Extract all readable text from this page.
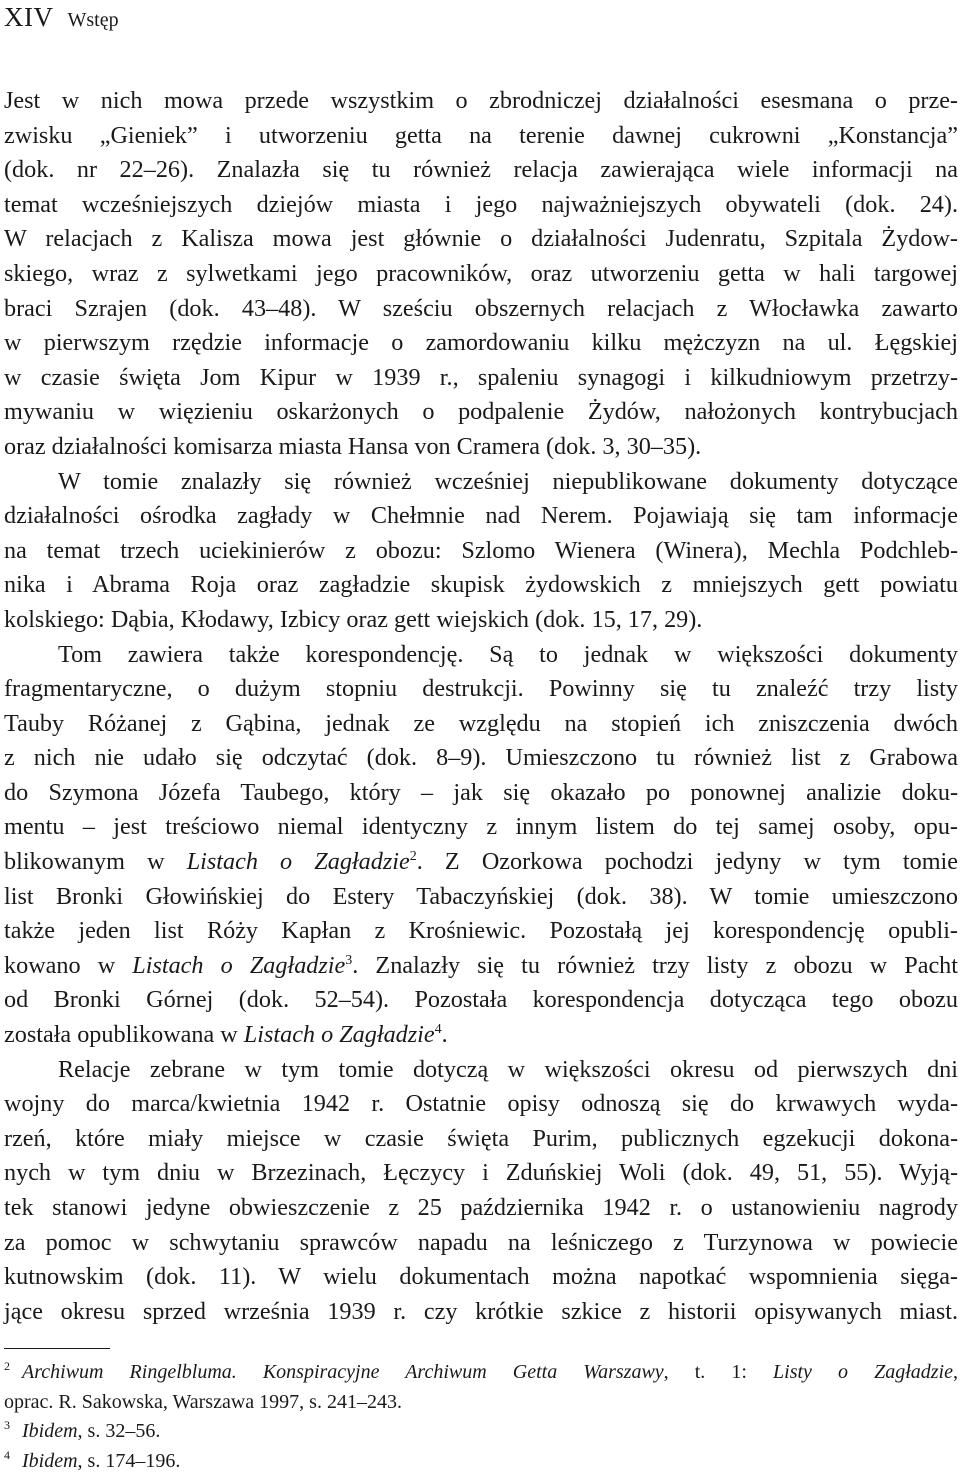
XIV Wstęp
Jest w nich mowa przede wszystkim o zbrodniczej działalności esesmana o prze-
zwisku „Gieniek” i utworzeniu getta na terenie dawnej cukrowni „Konstancja”
(dok. nr 22–26). Znalazła się tu również relacja zawierająca wiele informacji na
temat wcześniejszych dziejów miasta i jego najważniejszych obywateli (dok. 24).
W relacjach z Kalisza mowa jest głównie o działalności Judenratu, Szpitala Żydow-
skiego, wraz z sylwetkami jego pracowników, oraz utworzeniu getta w hali targowej
braci Szrajen (dok. 43–48). W sześciu obszernych relacjach z Włocławka zawarto
w pierwszym rzędzie informacje o zamordowaniu kilku mężczyzn na ul. Łęgskiej
w czasie święta Jom Kipur w 1939 r., spaleniu synagogi i kilkudniowym przetrzy-
mywaniu w więzieniu oskarżonych o podpalenie Żydów, nałożonych kontrybucjach
oraz działalności komisarza miasta Hansa von Cramera (dok. 3, 30–35).
W tomie znalazły się również wcześniej niepublikowane dokumenty dotyczące
działalności ośrodka zagłady w Chełmnie nad Nerem. Pojawiają się tam informacje
na temat trzech uciekinierów z obozu: Szlomo Wienera (Winera), Mechla Podchleb-
nika i Abrama Roja oraz zagładzie skupisk żydowskich z mniejszych gett powiatu
kolskiego: Dąbia, Kłodawy, Izbicy oraz gett wiejskich (dok. 15, 17, 29).
Tom zawiera także korespondencję. Są to jednak w większości dokumenty
fragmentaryczne, o dużym stopniu destrukcji. Powinny się tu znaleźć trzy listy
Tauby Różanej z Gąbina, jednak ze względu na stopień ich zniszczenia dwóch
z nich nie udało się odczytać (dok. 8–9). Umieszczono tu również list z Grabowa
do Szymona Józefa Taubego, który – jak się okazało po ponownej analizie doku-
mentu – jest treściowo niemal identyczny z innym listem do tej samej osoby, opu-
blikowanym w Listach o Zagładzie$^2$. Z Ozorkowa pochodzi jedyny w tym tomie
list Bronki Głowińskiej do Estery Tabaczyńskiej (dok. 38). W tomie umieszczono
także jeden list Róży Kapłan z Krośniewic. Pozostałą jej korespondencję opubli-
kowano w Listach o Zagładzie$^3$. Znalazły się tu również trzy listy z obozu w Pacht
od Bronki Górnej (dok. 52–54). Pozostała korespondencja dotycząca tego obozu
została opublikowana w Listach o Zagładzie$^4$.
Relacje zebrane w tym tomie dotyczą w większości okresu od pierwszych dni
wojny do marca/kwietnia 1942 r. Ostatnie opisy odnoszą się do krwawych wyda-
rzeń, które miały miejsce w czasie święta Purim, publicznych egzekucji dokona-
nych w tym dniu w Brzezinach, Łęczycy i Zduńskiej Woli (dok. 49, 51, 55). Wyją-
tek stanowi jedyne obwieszczenie z 25 października 1942 r. o ustanowieniu nagrody
za pomoc w schwytaniu sprawców napadu na leśniczego z Turzynowa w powiecie
kutnowskim (dok. 11). W wielu dokumentach można napotkać wspomnienia sięga-
jące okresu sprzed września 1939 r. czy krótkie szkice z historii opisywanych miast.
$^2$ Archiwum Ringelbluma. Konspiracyjne Archiwum Getta Warszawy, t. 1: Listy o Zagładzie,
oprac. R. Sakowska, Warszawa 1997, s. 241–243.
$^3$ Ibidem, s. 32–56.
$^4$ Ibidem, s. 174–196.
